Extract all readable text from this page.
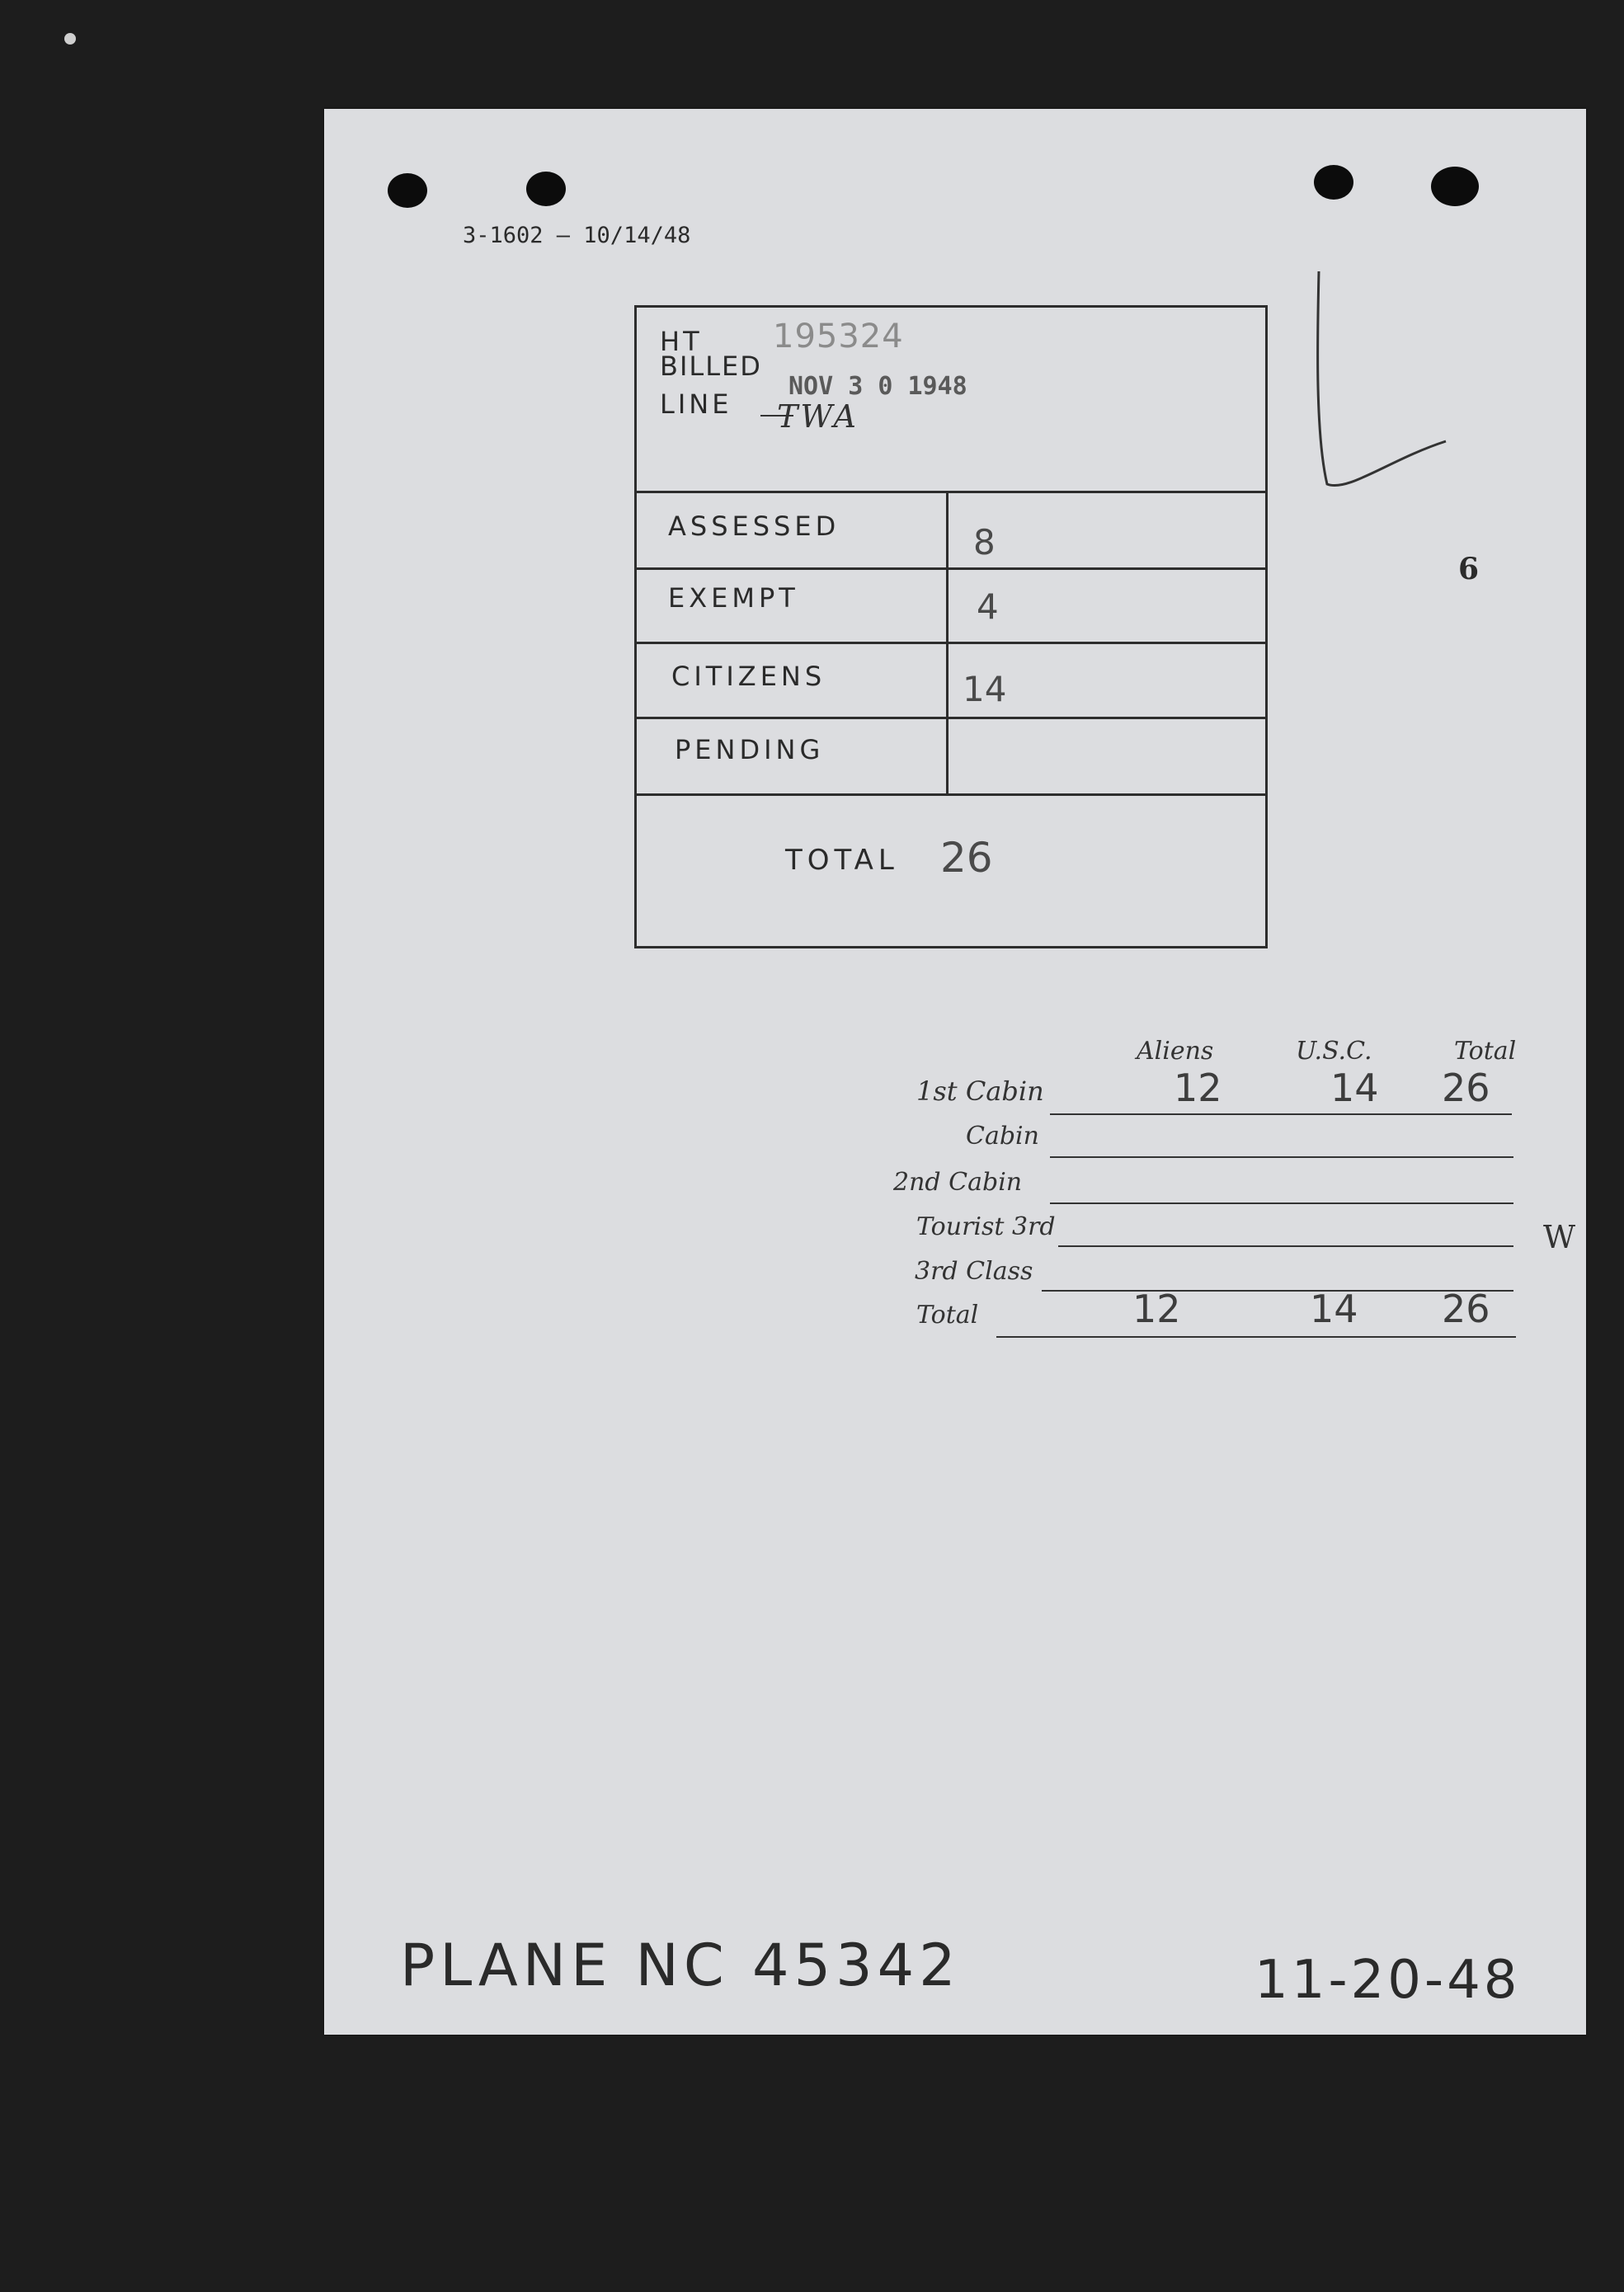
3-1602 — 10/14/48
6
HT
BILLED
LINE
195324
NOV 3 0 1948
TWA
ASSESSED	8
EXEMPT	4
CITIZENS	14
PENDING
TOTAL 26
Aliens	U.S.C.	Total
1st Cabin	12	14 26
Cabin
2nd Cabin
Tourist 3rd
3rd Class
Total	12	14 26
W
PLANE NC 45342	11-20-48
